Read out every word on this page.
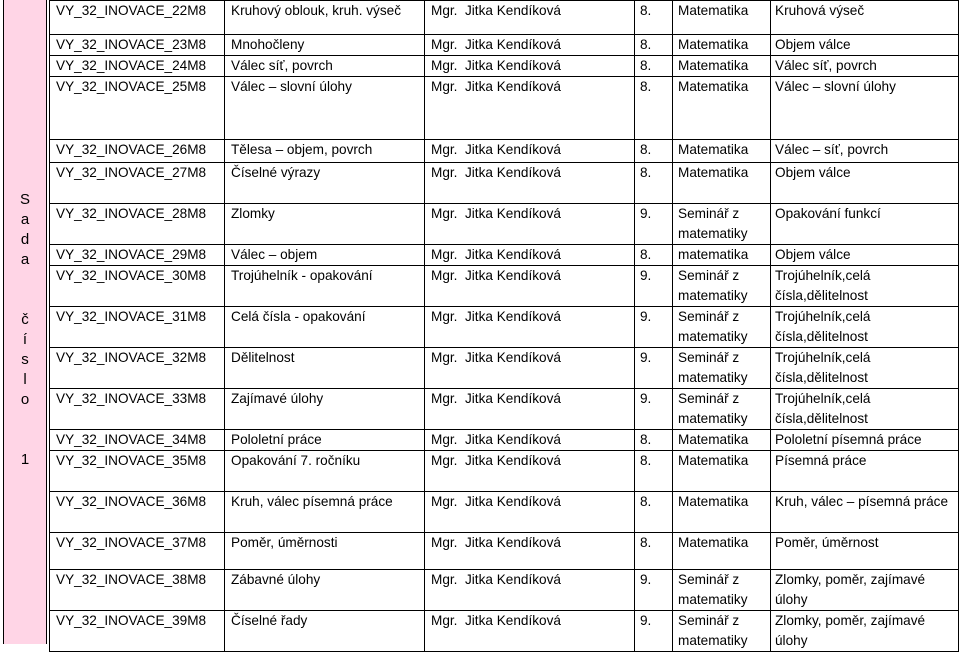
S
a
d
a
č
í
s
l
o
1
VY_32_INOVACE_22M8	Kruhový oblouk, kruh. výseč	Mgr.  Jitka Kendíková	8.	Matematika	Kruhová výseč
VY_32_INOVACE_23M8	Mnohočleny	Mgr.  Jitka Kendíková	8.	Matematika	Objem válce
VY_32_INOVACE_24M8	Válec síť, povrch	Mgr.  Jitka Kendíková	8.	Matematika	Válec síť, povrch
VY_32_INOVACE_25M8	Válec – slovní úlohy	Mgr.  Jitka Kendíková	8.	Matematika	Válec – slovní úlohy
VY_32_INOVACE_26M8	Tělesa – objem, povrch	Mgr.  Jitka Kendíková	8.	Matematika	Válec – síť, povrch
VY_32_INOVACE_27M8	Číselné výrazy	Mgr.  Jitka Kendíková	8.	Matematika	Objem válce
VY_32_INOVACE_28M8	Zlomky	Mgr.  Jitka Kendíková	9.	Seminář z matematiky	Opakování funkcí
VY_32_INOVACE_29M8	Válec – objem	Mgr.  Jitka Kendíková	8.	matematika	Objem válce
VY_32_INOVACE_30M8	Trojúhelník - opakování	Mgr.  Jitka Kendíková	9.	Seminář z matematiky	Trojúhelník,celá čísla,dělitelnost
VY_32_INOVACE_31M8	Celá čísla - opakování	Mgr.  Jitka Kendíková	9.	Seminář z matematiky	Trojúhelník,celá čísla,dělitelnost
VY_32_INOVACE_32M8	Dělitelnost	Mgr.  Jitka Kendíková	9.	Seminář z matematiky	Trojúhelník,celá čísla,dělitelnost
VY_32_INOVACE_33M8	Zajímavé úlohy	Mgr.  Jitka Kendíková	9.	Seminář z matematiky	Trojúhelník,celá čísla,dělitelnost
VY_32_INOVACE_34M8	Pololetní práce	Mgr.  Jitka Kendíková	8.	Matematika	Pololetní písemná práce
VY_32_INOVACE_35M8	Opakování 7. ročníku	Mgr.  Jitka Kendíková	8.	Matematika	Písemná práce
VY_32_INOVACE_36M8	Kruh, válec písemná práce	Mgr.  Jitka Kendíková	8.	Matematika	Kruh, válec – písemná práce
VY_32_INOVACE_37M8	Poměr, úměrnosti	Mgr.  Jitka Kendíková	8.	Matematika	Poměr, úměrnost
VY_32_INOVACE_38M8	Zábavné úlohy	Mgr.  Jitka Kendíková	9.	Seminář z matematiky	Zlomky, poměr, zajímavé úlohy
VY_32_INOVACE_39M8	Číselné řady	Mgr.  Jitka Kendíková	9.	Seminář z matematiky	Zlomky, poměr, zajímavé úlohy
